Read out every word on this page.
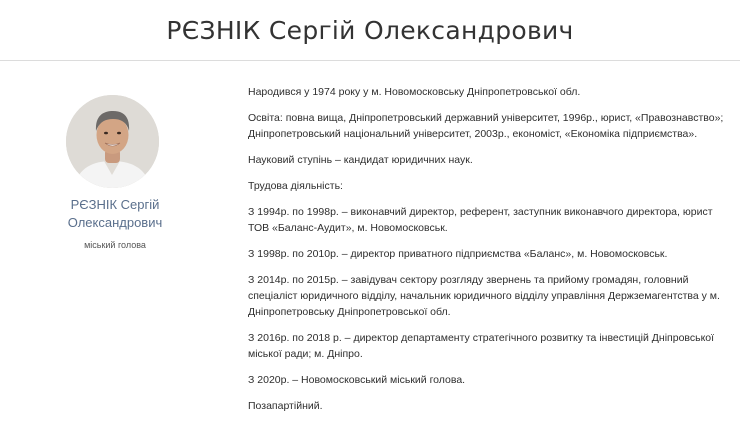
РЄЗНІК Сергій Олександрович
РЄЗНІК Сергій
Олександрович
міський голова

Народився у 1974 року у м. Новомосковську Дніпропетровської обл.

Освіта: повна вища, Дніпропетровський державний університет, 1996р., юрист, «Правознавство»;
Дніпропетровський національний університет, 2003р., економіст, «Економіка підприємства».

Науковий ступінь – кандидат юридичних наук.

Трудова діяльність:

З 1994р. по 1998р. – виконавчий директор, референт, заступник виконавчого директора, юрист
ТОВ «Баланс-Аудит», м. Новомосковськ.

З 1998р. по 2010р. – директор приватного підприємства «Баланс», м. Новомосковськ.

З 2014р. по 2015р. – завідувач сектору розгляду звернень та прийому громадян, головний
спеціаліст юридичного відділу, начальник юридичного відділу управління Держземагентства у м.
Дніпропетровську Дніпропетровської обл.

З 2016р. по 2018 р. – директор департаменту стратегічного розвитку та інвестицій Дніпровської
міської ради; м. Дніпро.

З 2020р. – Новомосковський міський голова.

Позапартійний.
